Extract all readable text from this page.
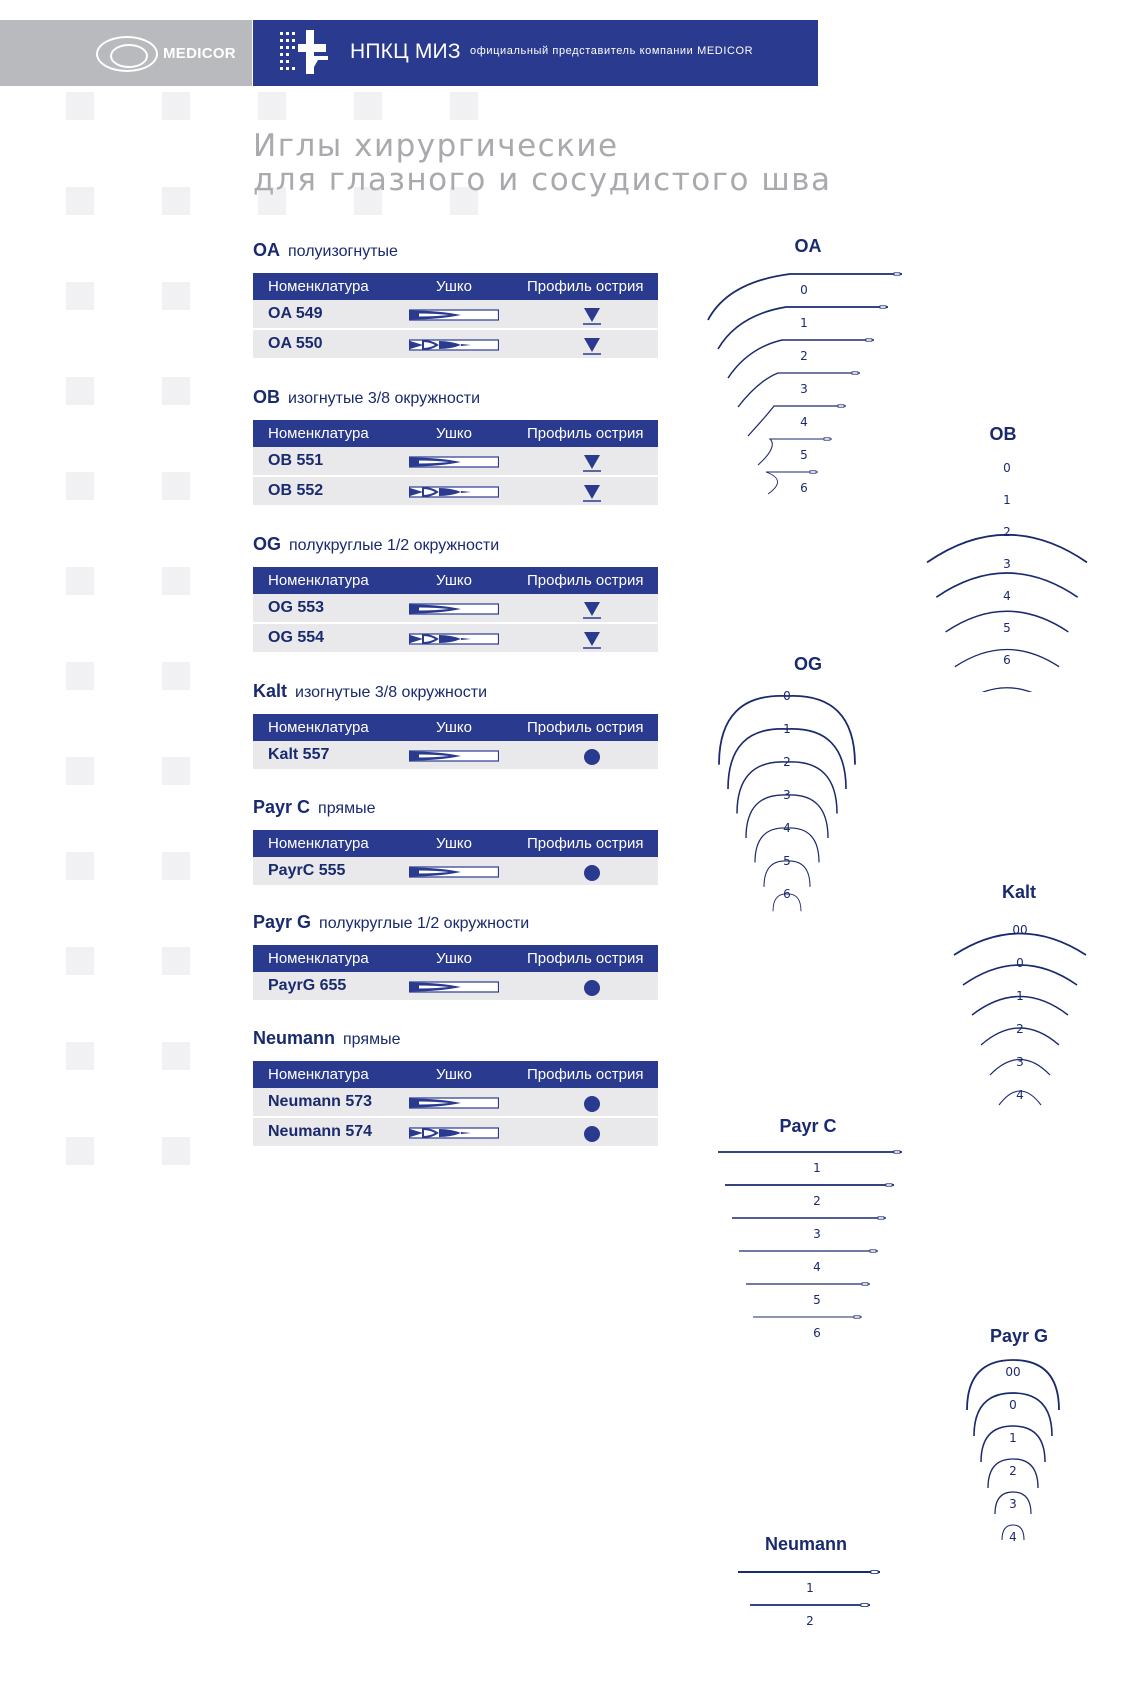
MEDICOR	НПКЦ МИЗ официальный представитель компании MEDICOR
Иглы хирургические
для глазного и сосудистого шва
OA полуизогнутые
Номенклатура	Ушко	Профиль острия
OA 549
OA 550
OB изогнутые 3/8 окружности
Номенклатура	Ушко	Профиль острия
OB 551
OB 552
OG полукруглые 1/2 окружности
Номенклатура	Ушко	Профиль острия
OG 553
OG 554
Kalt изогнутые 3/8 окружности
Номенклатура	Ушко	Профиль острия
Kalt 557
Payr C прямые
Номенклатура	Ушко	Профиль острия
PayrC 555
Payr G полукруглые 1/2 окружности
Номенклатура	Ушко	Профиль острия
PayrG 655
Neumann прямые
Номенклатура	Ушко	Профиль острия
Neumann 573
Neumann 574
OA
0
1
2
3
4
5
6
OB
0
1
2
3
4
5
6
OG
0
1
2
3
4
5
6	Kalt
00
0
1
2
3
4
Payr C
1
2
3
4
5
6	Payr G
00
0
1
2
3
4
Neumann
1
2
